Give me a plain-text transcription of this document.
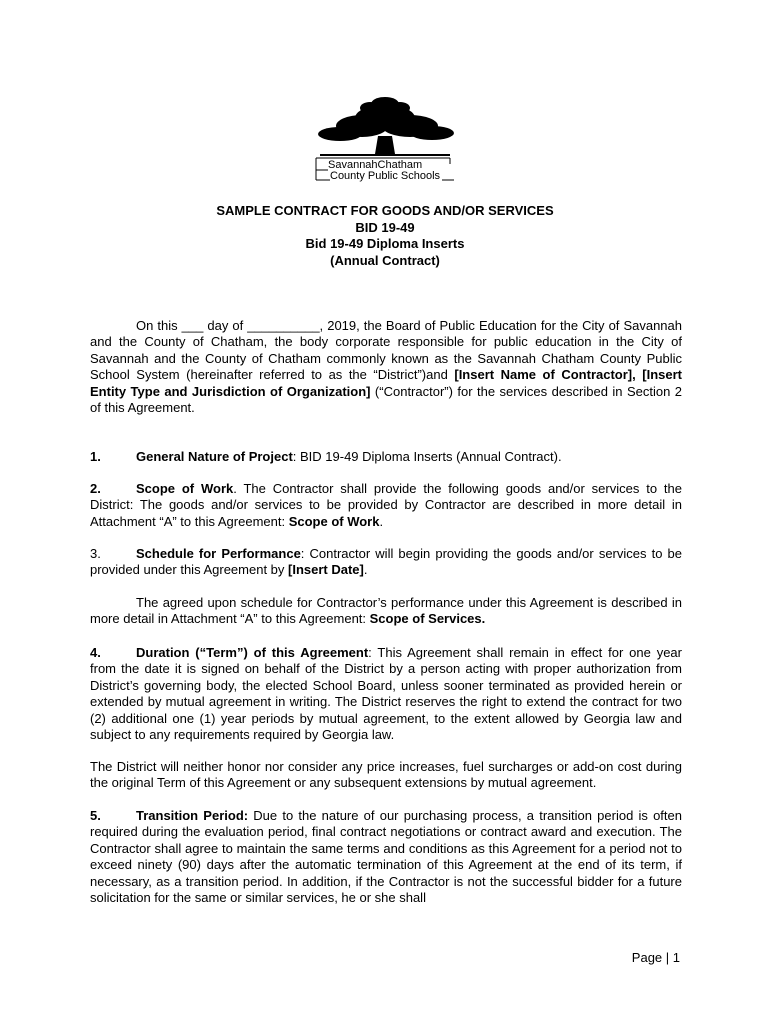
SavannahChatham
County Public Schools
SAMPLE CONTRACT FOR GOODS AND/OR SERVICES
BID 19-49
Bid 19-49 Diploma Inserts
(Annual Contract)
On this ___ day of __________, 2019, the Board of Public Education for the City of Savannah and the County of Chatham, the body corporate responsible for public education in the City of Savannah and the County of Chatham commonly known as the Savannah Chatham County Public School System (hereinafter referred to as the “District”)and [Insert Name of Contractor], [Insert Entity Type and Jurisdiction of Organization] (“Contractor”) for the services described in Section 2 of this Agreement.
1.	General Nature of Project: BID 19-49 Diploma Inserts (Annual Contract).
2.	Scope of Work. The Contractor shall provide the following goods and/or services to the District: The goods and/or services to be provided by Contractor are described in more detail in Attachment “A” to this Agreement: Scope of Work.
3.	Schedule for Performance: Contractor will begin providing the goods and/or services to be provided under this Agreement by [Insert Date].
The agreed upon schedule for Contractor’s performance under this Agreement is described in more detail in Attachment “A” to this Agreement: Scope of Services.
4.	Duration (“Term”) of this Agreement: This Agreement shall remain in effect for one year from the date it is signed on behalf of the District by a person acting with proper authorization from District’s governing body, the elected School Board, unless sooner terminated as provided herein or extended by mutual agreement in writing. The District reserves the right to extend the contract for two (2) additional one (1) year periods by mutual agreement, to the extent allowed by Georgia law and subject to any requirements required by Georgia law.
The District will neither honor nor consider any price increases, fuel surcharges or add-on cost during the original Term of this Agreement or any subsequent extensions by mutual agreement.
5.	Transition Period: Due to the nature of our purchasing process, a transition period is often required during the evaluation period, final contract negotiations or contract award and execution. The Contractor shall agree to maintain the same terms and conditions as this Agreement for a period not to exceed ninety (90) days after the automatic termination of this Agreement at the end of its term, if necessary, as a transition period. In addition, if the Contractor is not the successful bidder for a future solicitation for the same or similar services, he or she shall
Page | 1
